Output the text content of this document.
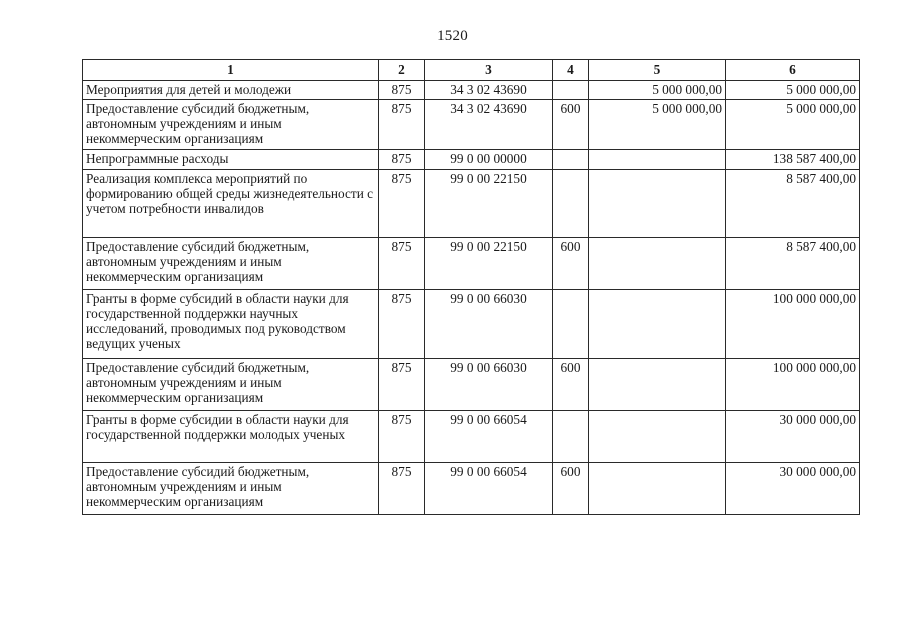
1520
1	2	3	4	5	6
Мероприятия для детей и молодежи	875	34 3 02 43690		5 000 000,00	5 000 000,00
Предоставление субсидий бюджетным, автономным учреждениям и иным некоммерческим организациям	875	34 3 02 43690	600	5 000 000,00	5 000 000,00
Непрограммные расходы	875	99 0 00 00000			138 587 400,00
Реализация комплекса мероприятий по формированию общей среды жизнедеятельности с учетом потребности инвалидов	875	99 0 00 22150			8 587 400,00
Предоставление субсидий бюджетным, автономным учреждениям и иным некоммерческим организациям	875	99 0 00 22150	600		8 587 400,00
Гранты в форме субсидий в области науки для государственной поддержки научных исследований, проводимых под руководством ведущих ученых	875	99 0 00 66030			100 000 000,00
Предоставление субсидий бюджетным, автономным учреждениям и иным некоммерческим организациям	875	99 0 00 66030	600		100 000 000,00
Гранты в форме субсидии в области науки для государственной поддержки молодых ученых	875	99 0 00 66054			30 000 000,00
Предоставление субсидий бюджетным, автономным учреждениям и иным некоммерческим организациям	875	99 0 00 66054	600		30 000 000,00
